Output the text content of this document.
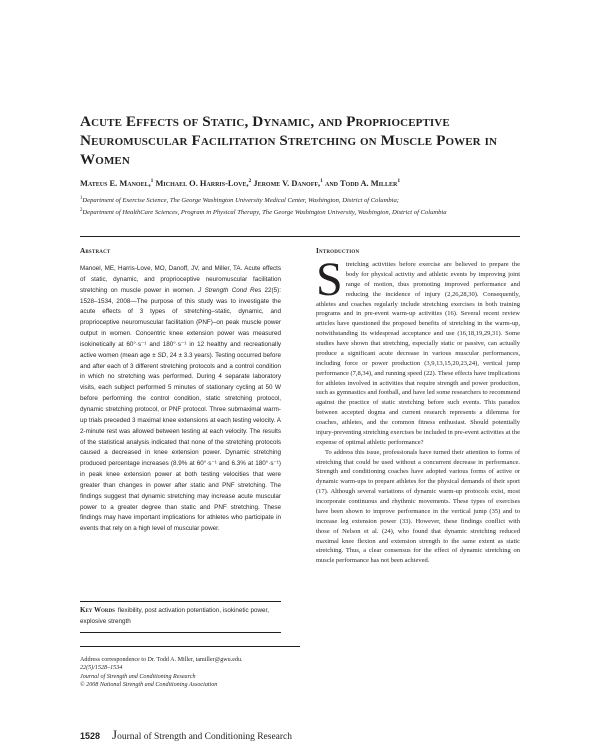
Acute Effects of Static, Dynamic, and Proprioceptive Neuromuscular Facilitation Stretching on Muscle Power in Women
Mateus E. Manoel,$^1$ Michael O. Harris-Love,$^2$ Jerome V. Danoff,$^1$ and Todd A. Miller$^1$
$^1$Department of Exercise Science, The George Washington University Medical Center, Washington, District of Columbia;
$^2$Department of HealthCare Sciences, Program in Physical Therapy, The George Washington University, Washington, District of Columbia
Abstract

Manoel, ME, Harris-Love, MO, Danoff, JV, and Miller, TA. Acute effects of static, dynamic, and proprioceptive neuromuscular facilitation stretching on muscle power in women. J Strength Cond Res 22(5): 1528–1534, 2008—The purpose of this study was to investigate the acute effects of 3 types of stretching–static, dynamic, and proprioceptive neuromuscular facilitation (PNF)–on peak muscle power output in women. Concentric knee extension power was measured isokinetically at 60°·s⁻¹ and 180°·s⁻¹ in 12 healthy and recreationally active women (mean age ± SD, 24 ± 3.3 years). Testing occurred before and after each of 3 different stretching protocols and a control condition in which no stretching was performed. During 4 separate laboratory visits, each subject performed 5 minutes of stationary cycling at 50 W before performing the control condition, static stretching protocol, dynamic stretching protocol, or PNF protocol. Three submaximal warm-up trials preceded 3 maximal knee extensions at each testing velocity. A 2-minute rest was allowed between testing at each velocity. The results of the statistical analysis indicated that none of the stretching protocols caused a decreased in knee extension power. Dynamic stretching produced percentage increases (8.9% at 60°·s⁻¹ and 6.3% at 180°·s⁻¹) in peak knee extension power at both testing velocities that were greater than changes in power after static and PNF stretching. The findings suggest that dynamic stretching may increase acute muscular power to a greater degree than static and PNF stretching. These findings may have important implications for athletes who participate in events that rely on a high level of muscular power.

Key Words flexibility, post activation potentiation, isokinetic power, explosive strength
Address correspondence to Dr. Todd A. Miller, tamiller@gwu.edu.
22(5)/1528–1534
Journal of Strength and Conditioning Research
© 2008 National Strength and Conditioning Association
Introduction

Stretching activities before exercise are believed to prepare the body for physical activity and athletic events by improving joint range of motion, thus promoting improved performance and reducing the incidence of injury (2,26,28,30). Consequently, athletes and coaches regularly include stretching exercises in both training programs and in pre-event warm-up activities (16). Several recent review articles have questioned the proposed benefits of stretching in the warm-up, notwithstanding its widespread acceptance and use (16,18,19,29,31). Some studies have shown that stretching, especially static or passive, can actually produce a significant acute decrease in various muscular performances, including force or power production (3,9,13,15,20,23,24), vertical jump performance (7,8,34), and running speed (22). These effects have implications for athletes involved in activities that require strength and power production, such as gymnastics and football, and have led some researchers to recommend against the practice of static stretching before such events. This paradox between accepted dogma and current research represents a dilemma for coaches, athletes, and the common fitness enthusiast. Should potentially injury-preventing stretching exercises be included in pre-event activities at the expense of optimal athletic performance?

To address this issue, professionals have turned their attention to forms of stretching that could be used without a concurrent decrease in performance. Strength and conditioning coaches have adopted various forms of active or dynamic warm-ups to prepare athletes for the physical demands of their sport (17). Although several variations of dynamic warm-up protocols exist, most incorporate continuous and rhythmic movements. These types of exercises have been shown to improve performance in the vertical jump (35) and to increase leg extension power (33). However, these findings conflict with those of Nelson et al. (24), who found that dynamic stretching reduced maximal knee flexion and extension strength to the same extent as static stretching. Thus, a clear consensus for the effect of dynamic stretching on muscle performance has not been achieved.

1528 Journal of Strength and Conditioning Research
